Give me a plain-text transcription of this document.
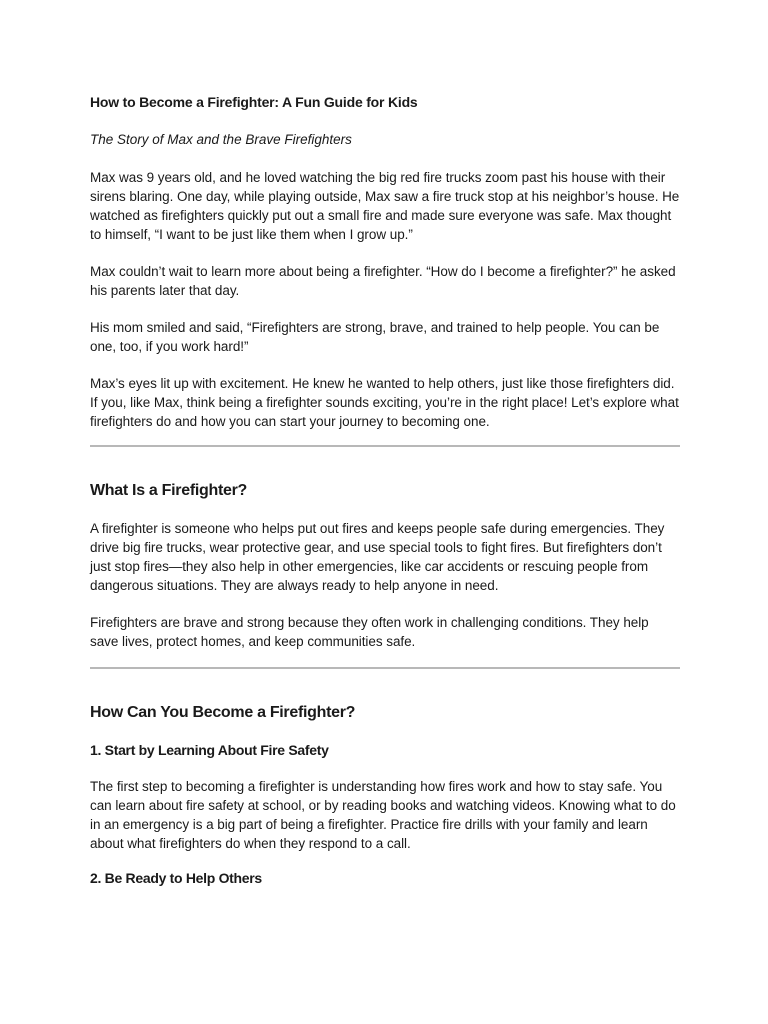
How to Become a Firefighter: A Fun Guide for Kids
The Story of Max and the Brave Firefighters

Max was 9 years old, and he loved watching the big red fire trucks zoom past his house with their sirens blaring. One day, while playing outside, Max saw a fire truck stop at his neighbor’s house. He watched as firefighters quickly put out a small fire and made sure everyone was safe. Max thought to himself, “I want to be just like them when I grow up.”

Max couldn’t wait to learn more about being a firefighter. “How do I become a firefighter?” he asked his parents later that day.

His mom smiled and said, “Firefighters are strong, brave, and trained to help people. You can be one, too, if you work hard!”

Max’s eyes lit up with excitement. He knew he wanted to help others, just like those firefighters did. If you, like Max, think being a firefighter sounds exciting, you’re in the right place! Let’s explore what firefighters do and how you can start your journey to becoming one.

What Is a Firefighter?

A firefighter is someone who helps put out fires and keeps people safe during emergencies. They drive big fire trucks, wear protective gear, and use special tools to fight fires. But firefighters don’t just stop fires—they also help in other emergencies, like car accidents or rescuing people from dangerous situations. They are always ready to help anyone in need.

Firefighters are brave and strong because they often work in challenging conditions. They help save lives, protect homes, and keep communities safe.

How Can You Become a Firefighter?
1. Start by Learning About Fire Safety

The first step to becoming a firefighter is understanding how fires work and how to stay safe. You can learn about fire safety at school, or by reading books and watching videos. Knowing what to do in an emergency is a big part of being a firefighter. Practice fire drills with your family and learn about what firefighters do when they respond to a call.

2. Be Ready to Help Others
